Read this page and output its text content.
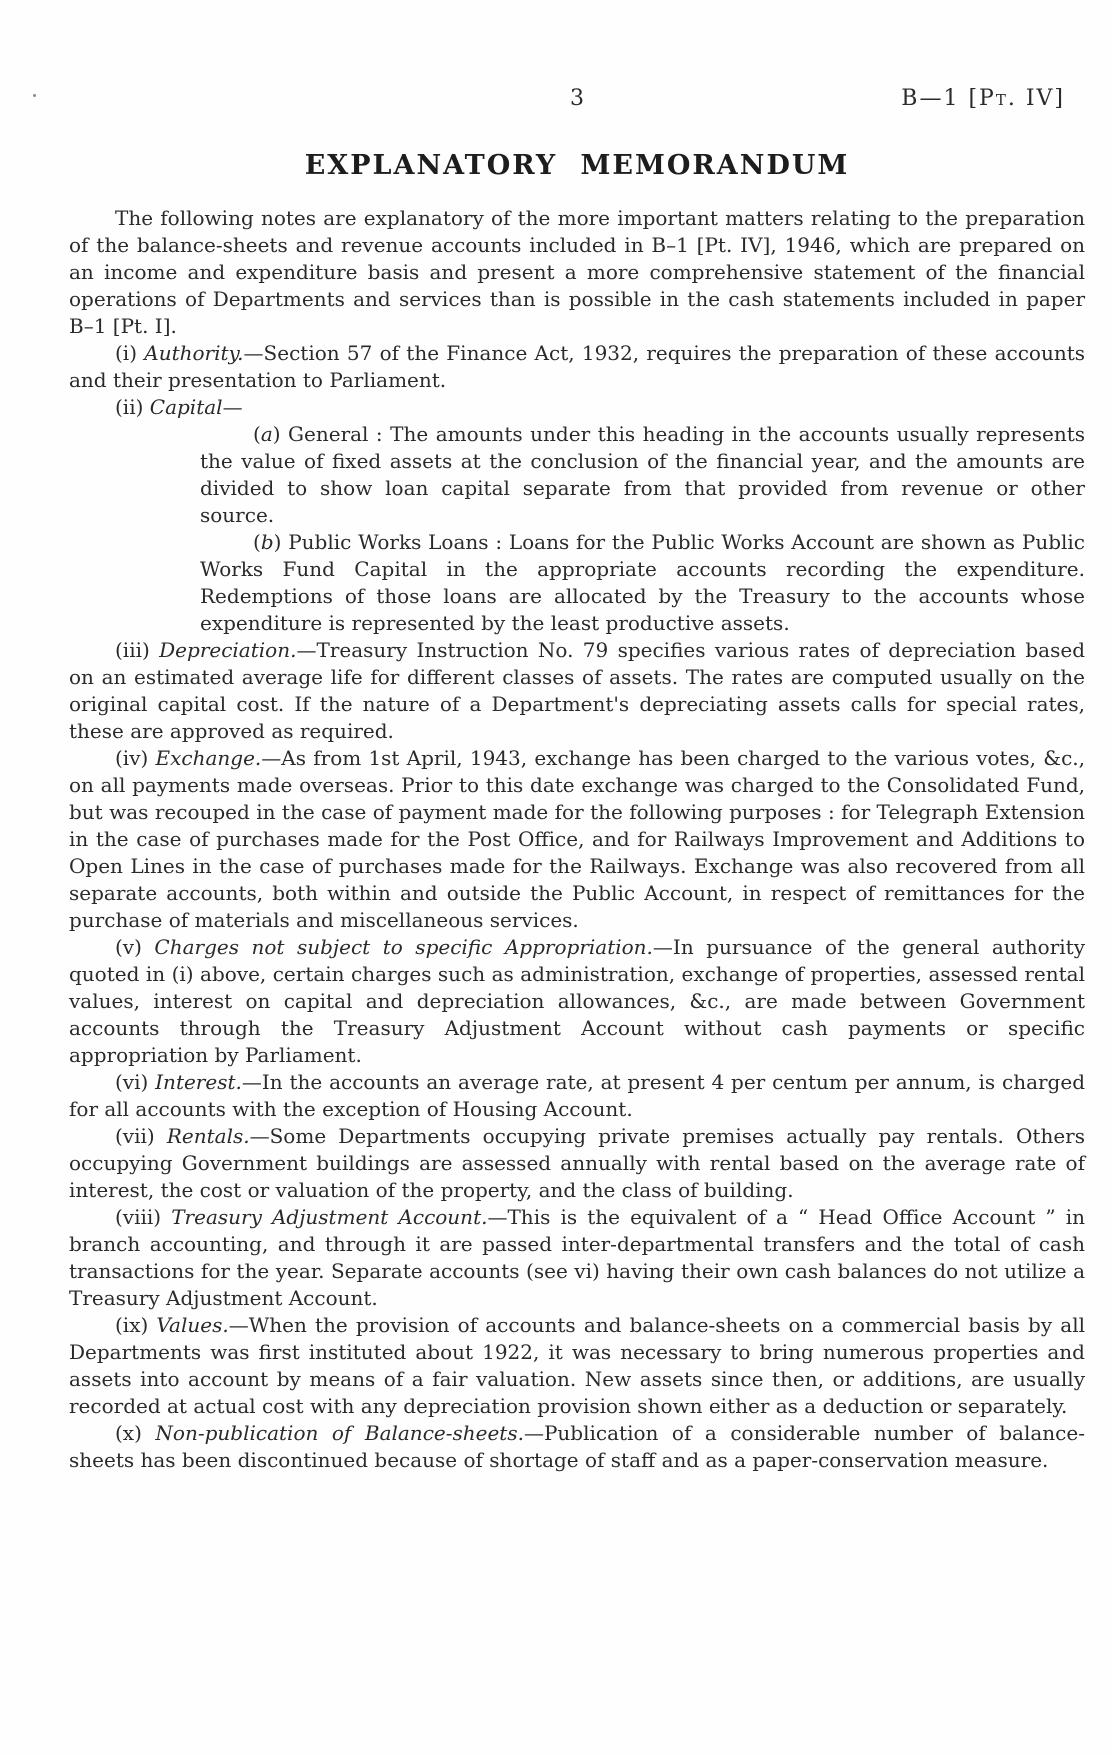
3	B—1 [Pt. IV]
EXPLANATORY MEMORANDUM

The following notes are explanatory of the more important matters relating to the preparation of the balance-sheets and revenue accounts included in B–1 [Pt. IV], 1946, which are prepared on an income and expenditure basis and present a more comprehensive statement of the financial operations of Departments and services than is possible in the cash statements included in paper B–1 [Pt. I].

(i) Authority.—Section 57 of the Finance Act, 1932, requires the preparation of these accounts and their presentation to Parliament.

(ii) Capital—

(a) General : The amounts under this heading in the accounts usually represents the value of fixed assets at the conclusion of the financial year, and the amounts are divided to show loan capital separate from that provided from revenue or other source.

(b) Public Works Loans : Loans for the Public Works Account are shown as Public Works Fund Capital in the appropriate accounts recording the expenditure. Redemptions of those loans are allocated by the Treasury to the accounts whose expenditure is represented by the least productive assets.

(iii) Depreciation.—Treasury Instruction No. 79 specifies various rates of depreciation based on an estimated average life for different classes of assets. The rates are computed usually on the original capital cost. If the nature of a Department's depreciating assets calls for special rates, these are approved as required.

(iv) Exchange.—As from 1st April, 1943, exchange has been charged to the various votes, &c., on all payments made overseas. Prior to this date exchange was charged to the Consolidated Fund, but was recouped in the case of payment made for the following purposes : for Telegraph Extension in the case of purchases made for the Post Office, and for Railways Improvement and Additions to Open Lines in the case of purchases made for the Railways. Exchange was also recovered from all separate accounts, both within and outside the Public Account, in respect of remittances for the purchase of materials and miscellaneous services.

(v) Charges not subject to specific Appropriation.—In pursuance of the general authority quoted in (i) above, certain charges such as administration, exchange of properties, assessed rental values, interest on capital and depreciation allowances, &c., are made between Government accounts through the Treasury Adjustment Account without cash payments or specific appropriation by Parliament.

(vi) Interest.—In the accounts an average rate, at present 4 per centum per annum, is charged for all accounts with the exception of Housing Account.

(vii) Rentals.—Some Departments occupying private premises actually pay rentals. Others occupying Government buildings are assessed annually with rental based on the average rate of interest, the cost or valuation of the property, and the class of building.

(viii) Treasury Adjustment Account.—This is the equivalent of a “ Head Office Account ” in branch accounting, and through it are passed inter-departmental transfers and the total of cash transactions for the year. Separate accounts (see vi) having their own cash balances do not utilize a Treasury Adjustment Account.

(ix) Values.—When the provision of accounts and balance-sheets on a commercial basis by all Departments was first instituted about 1922, it was necessary to bring numerous properties and assets into account by means of a fair valuation. New assets since then, or additions, are usually recorded at actual cost with any depreciation provision shown either as a deduction or separately.

(x) Non-publication of Balance-sheets.—Publication of a considerable number of balance-sheets has been discontinued because of shortage of staff and as a paper-conservation measure.
